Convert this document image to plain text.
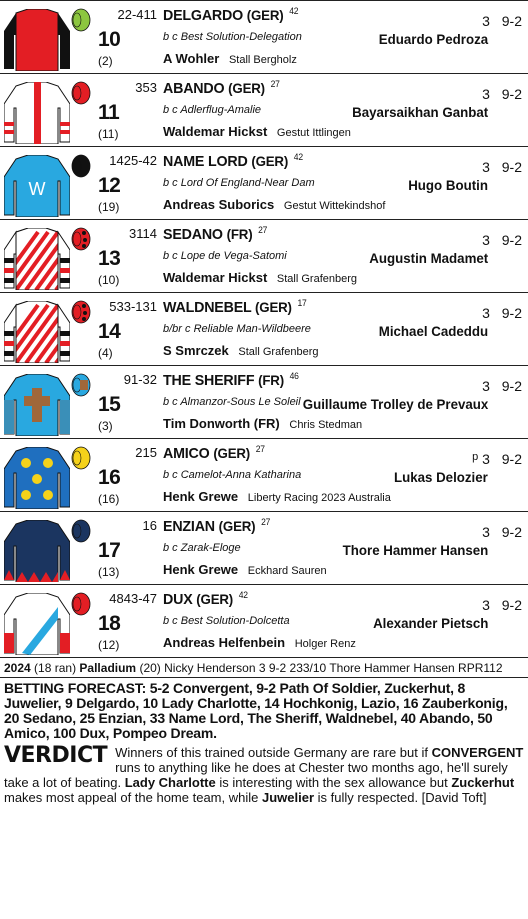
22-411
10
(2)
DELGARDO (GER) $^{42}$
b c Best Solution-Delegation
A Wohler Stall Bergholz
3 9-2
Eduardo Pedroza
353
11
(11)
ABANDO (GER) $^{27}$
b c Adlerflug-Amalie
Waldemar Hickst Gestut Ittlingen
3 9-2
Bayarsaikhan Ganbat
W
1425-42
12
(19)
NAME LORD (GER) $^{42}$
b c Lord Of England-Near Dam
Andreas Suborics Gestut Wittekindshof
3 9-2
Hugo Boutin
3114
13
(10)
SEDANO (FR) $^{27}$
b c Lope de Vega-Satomi
Waldemar Hickst Stall Grafenberg
3 9-2
Augustin Madamet
533-131
14
(4)
WALDNEBEL (GER) $^{17}$
b/br c Reliable Man-Wildbeere
S Smrczek Stall Grafenberg
3 9-2
Michael Cadeddu
91-32
15
(3)
THE SHERIFF (FR) $^{46}$
b c Almanzor-Sous Le Soleil
Tim Donworth (FR) Chris Stedman
3 9-2
Guillaume Trolley de Prevaux
215
16
(16)
AMICO (GER) $^{27}$
b c Camelot-Anna Katharina
Henk Grewe Liberty Racing 2023 Australia
$^p$ 3 9-2
Lukas Delozier
16
17
(13)
ENZIAN (GER) $^{27}$
b c Zarak-Eloge
Henk Grewe Eckhard Sauren
3 9-2
Thore Hammer Hansen
4843-47
18
(12)
DUX (GER) $^{42}$
b c Best Solution-Dolcetta
Andreas Helfenbein Holger Renz
3 9-2
Alexander Pietsch
2024 (18 ran) Palladium (20) Nicky Henderson 3 9-2 233/10 Thore Hammer Hansen RPR112
BETTING FORECAST: 5-2 Convergent, 9-2 Path Of Soldier, Zuckerhut, 8 Juwelier, 9 Delgardo, 10 Lady Charlotte, 14 Hochkonig, Lazio, 16 Zauberkonig, 20 Sedano, 25 Enzian, 33 Name Lord, The Sheriff, Waldnebel, 40 Abando, 50 Amico, 100 Dux, Pompeo Dream.
VERDICT Winners of this trained outside Germany are rare but if CONVERGENT runs to anything like he does at Chester two months ago, he'll surely take a lot of beating. Lady Charlotte is interesting with the sex allowance but Zuckerhut makes most appeal of the home team, while Juwelier is fully respected. [David Toft]
